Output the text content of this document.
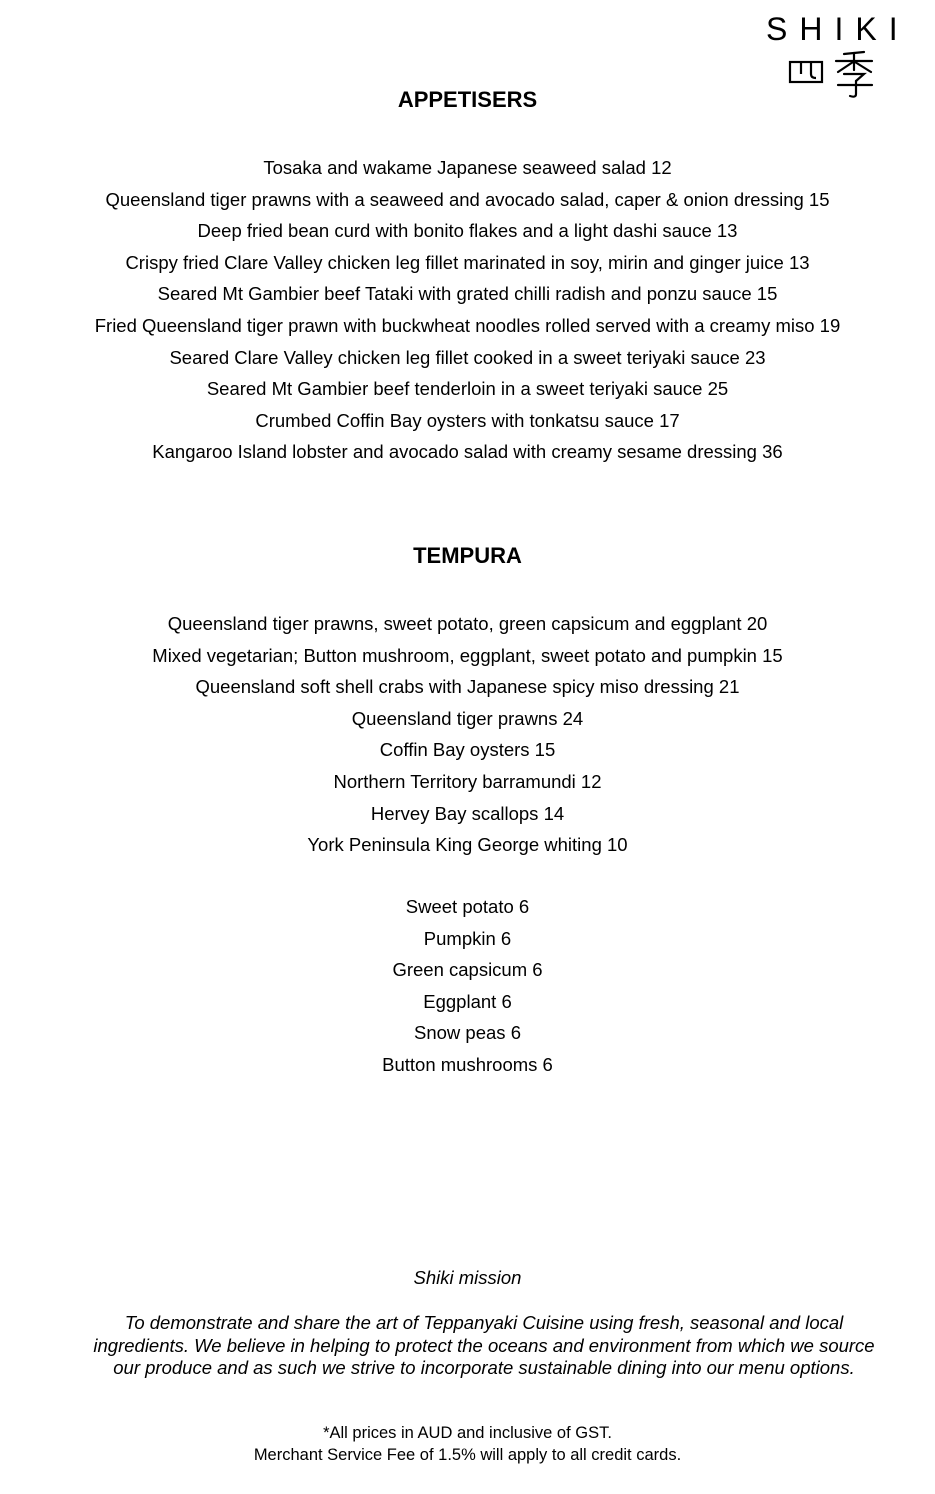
SHIKI
APPETISERS
Tosaka and wakame Japanese seaweed salad 12
Queensland tiger prawns with a seaweed and avocado salad, caper & onion dressing 15
Deep fried bean curd with bonito flakes and a light dashi sauce 13
Crispy fried Clare Valley chicken leg fillet marinated in soy, mirin and ginger juice 13
Seared Mt Gambier beef Tataki with grated chilli radish and ponzu sauce 15
Fried Queensland tiger prawn with buckwheat noodles rolled served with a creamy miso 19
Seared Clare Valley chicken leg fillet cooked in a sweet teriyaki sauce 23
Seared Mt Gambier beef tenderloin in a sweet teriyaki sauce 25
Crumbed Coffin Bay oysters with tonkatsu sauce 17
Kangaroo Island lobster and avocado salad with creamy sesame dressing 36
TEMPURA
Queensland tiger prawns, sweet potato, green capsicum and eggplant 20
Mixed vegetarian; Button mushroom, eggplant, sweet potato and pumpkin 15
Queensland soft shell crabs with Japanese spicy miso dressing 21
Queensland tiger prawns 24
Coffin Bay oysters 15
Northern Territory barramundi 12
Hervey Bay scallops 14
York Peninsula King George whiting 10
Sweet potato 6
Pumpkin 6
Green capsicum 6
Eggplant 6
Snow peas 6
Button mushrooms 6

Shiki mission

To demonstrate and share the art of Teppanyaki Cuisine using fresh, seasonal and local ingredients. We believe in helping to protect the oceans and environment from which we source our produce and as such we strive to incorporate sustainable dining into our menu options.

*All prices in AUD and inclusive of GST.
Merchant Service Fee of 1.5% will apply to all credit cards.
